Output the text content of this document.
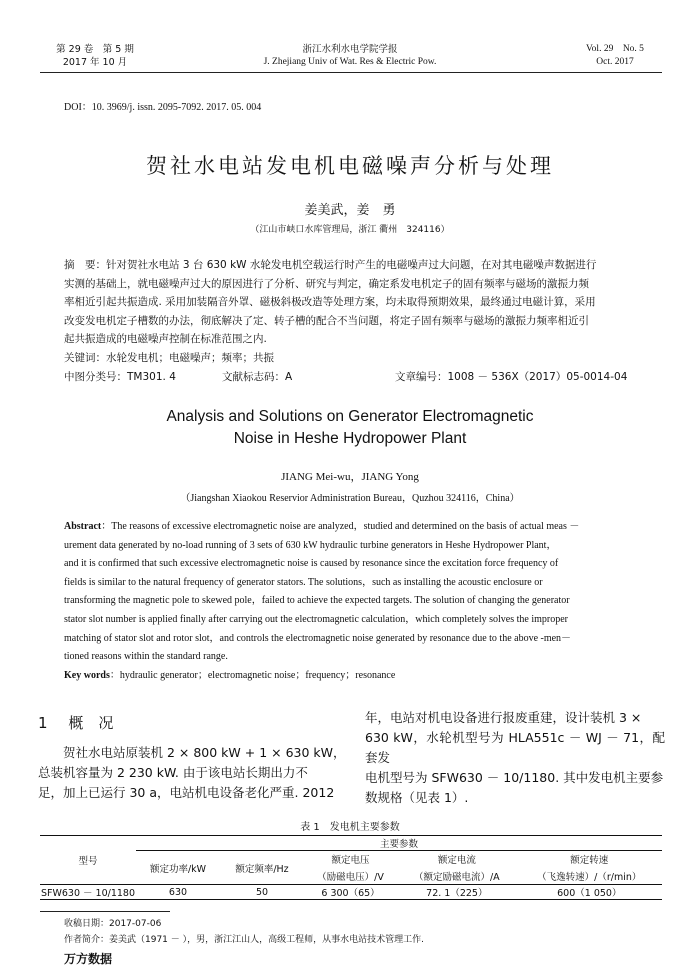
第 29 卷　第 5 期
2017 年 10 月
浙江水利水电学院学报
J. Zhejiang Univ of Wat. Res & Electric Pow.
Vol. 29　No. 5
Oct. 2017
DOI：10. 3969/j. issn. 2095-7092. 2017. 05. 004
贺社水电站发电机电磁噪声分析与处理
姜美武，姜　勇
（江山市峡口水库管理局，浙江 衢州　324116）
摘　要：针对贺社水电站 3 台 630 kW 水轮发电机空载运行时产生的电磁噪声过大问题，在对其电磁噪声数据进行
实测的基础上，就电磁噪声过大的原因进行了分析、研究与判定，确定系发电机定子的固有频率与磁场的激振力频
率相近引起共振造成. 采用加装隔音外罩、磁极斜极改造等处理方案，均未取得预期效果，最终通过电磁计算，采用
改变发电机定子槽数的办法，彻底解决了定、转子槽的配合不当问题，将定子固有频率与磁场的激振力频率相近引
起共振造成的电磁噪声控制在标准范围之内.
关键词：水轮发电机；电磁噪声；频率；共振
中图分类号：TM301. 4	文献标志码：A	文章编号：1008 － 536X（2017）05-0014-04
Analysis and Solutions on Generator Electromagnetic
Noise in Heshe Hydropower Plant
JIANG Mei-wu，JIANG Yong
（Jiangshan Xiaokou Reservior Administration Bureau，Quzhou 324116，China）
Abstract：The reasons of excessive electromagnetic noise are analyzed，studied and determined on the basis of actual meas －
urement data generated by no-load running of 3 sets of 630 kW hydraulic turbine generators in Heshe Hydropower Plant，
and it is confirmed that such excessive electromagnetic noise is caused by resonance since the excitation force frequency of
fields is similar to the natural frequency of generator stators. The solutions，such as installing the acoustic enclosure or
transforming the magnetic pole to skewed pole，failed to achieve the expected targets. The solution of changing the generator
stator slot number is applied finally after carrying out the electromagnetic calculation，which completely solves the improper
matching of stator slot and rotor slot，and controls the electromagnetic noise generated by resonance due to the above -men－
tioned reasons within the standard range.
Key words：hydraulic generator；electromagnetic noise；frequency；resonance
1 概　况
　　贺社水电站原装机 2 × 800 kW + 1 × 630 kW，
总装机容量为 2 230 kW. 由于该电站长期出力不
足，加上已运行 30 a，电站机电设备老化严重. 2012
年，电站对机电设备进行报废重建，设计装机 3 ×
630 kW，水轮机型号为 HLA551c － WJ － 71，配套发
电机型号为 SFW630 － 10/1180. 其中发电机主要参
数规格（见表 1）.
表 1　发电机主要参数
型号	主要参数				
	额定功率/kW	额定频率/Hz	额定电压	额定电流	额定转速
			（励磁电压）/V	（额定励磁电流）/A	（飞逸转速）/（r/min）
SFW630 － 10/1180	630	50	6 300（65）	72. 1（225）	600（1 050）
收稿日期：2017-07-06
作者简介：姜美武（1971 － ），男，浙江江山人，高级工程师，从事水电站技术管理工作.
万方数据
